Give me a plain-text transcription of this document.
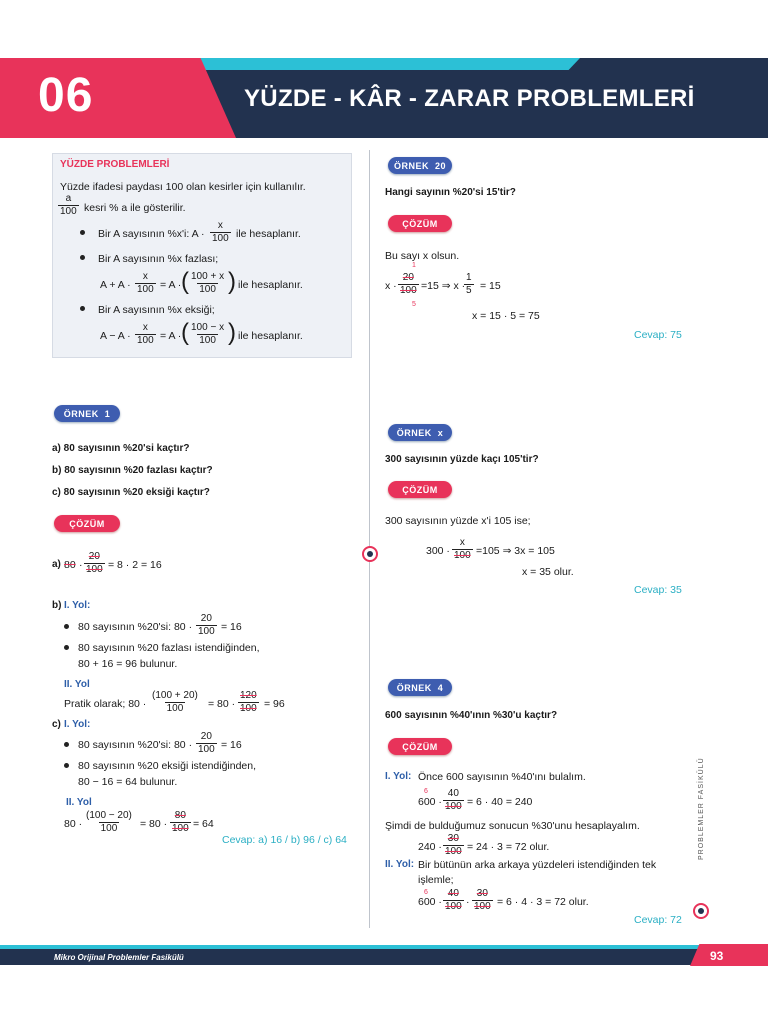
06	YÜZDE - KÂR - ZARAR PROBLEMLERİ
YÜZDE PROBLEMLERİ
Yüzde ifadesi paydası 100 olan kesirler için kullanılır.
$\frac{a}{100}$ kesri % a ile gösterilir.
Bir A sayısının %x'i: $A \cdot \frac{x}{100}$ ile hesaplanır.
Bir A sayısının %x fazlası;
$A + A \cdot \frac{x}{100} = A$ · ( $\frac{100 + x}{100}$ ) ile hesaplanır.
Bir A sayısının %x eksiği;
$A - A \cdot \frac{x}{100} = A$ · ( $\frac{100 - x}{100}$ ) ile hesaplanır.
ÖRNEK
1
a) 80 sayısının %20'si kaçtır?
b) 80 sayısının %20 fazlası kaçtır?
c) 80 sayısının %20 eksiği kaçtır?
ÇÖZÜM
a) $80 \cdot \frac{20}{100} = 8 \cdot 2 = 16$
b) I. Yol:
80 sayısının %20'si: $80 \cdot \frac{20}{100} = 16$
80 sayısının %20 fazlası istendiğinden,
80 + 16 = 96 bulunur.
II. Yol
Pratik olarak; $80 \cdot \frac{(100 + 20)}{100} = 80 \cdot \frac{120}{100} = 96$
c) I. Yol:
80 sayısının %20'si: $80 \cdot \frac{20}{100} = 16$
80 sayısının %20 eksiği istendiğinden,
80 − 16 = 64 bulunur.
II. Yol
$80 \cdot \frac{(100 - 20)}{100} = 80 \cdot \frac{80}{100} = 64$
Cevap: a) 16 / b) 96 / c) 64
ÖRNEK
20
Hangi sayının %20'si 15'tir?
ÇÖZÜM
Bu sayı x olsun.
1
$x \cdot \frac{20}{100}$
5
=15 ⇒ x ·
$\frac{1}{5} = 15$
x = 15 · 5 = 75
Cevap: 75
ÖRNEK
x
300 sayısının yüzde kaçı 105'tir?
ÇÖZÜM
300 sayısının yüzde x'i 105 ise;
$300 \cdot \frac{x}{100} =105$ ⇒ 3x = 105
x = 35 olur.
Cevap: 35
ÖRNEK
4
600 sayısının %40'ının %30'u kaçtır?
ÇÖZÜM
I. Yol: Önce 600 sayısının %40'ını bulalım.
6
$600 \cdot \frac{40}{100} = 6 \cdot 40 = 240$
Şimdi de bulduğumuz sonucun %30'unu hesaplayalım.
$240 \cdot \frac{30}{100} = 24 \cdot 3 = 72$ olur.
II. Yol: Bir bütünün arka arkaya yüzdeleri istendiğinden tek
işlemle;
6
$600 \cdot \frac{40}{100} \cdot \frac{30}{100} = 6 \cdot 4 \cdot 3 = 72$ olur.
Cevap: 72
PROBLEMLER FASİKÜLÜ
Mikro Orijinal Problemler Fasikülü	93
